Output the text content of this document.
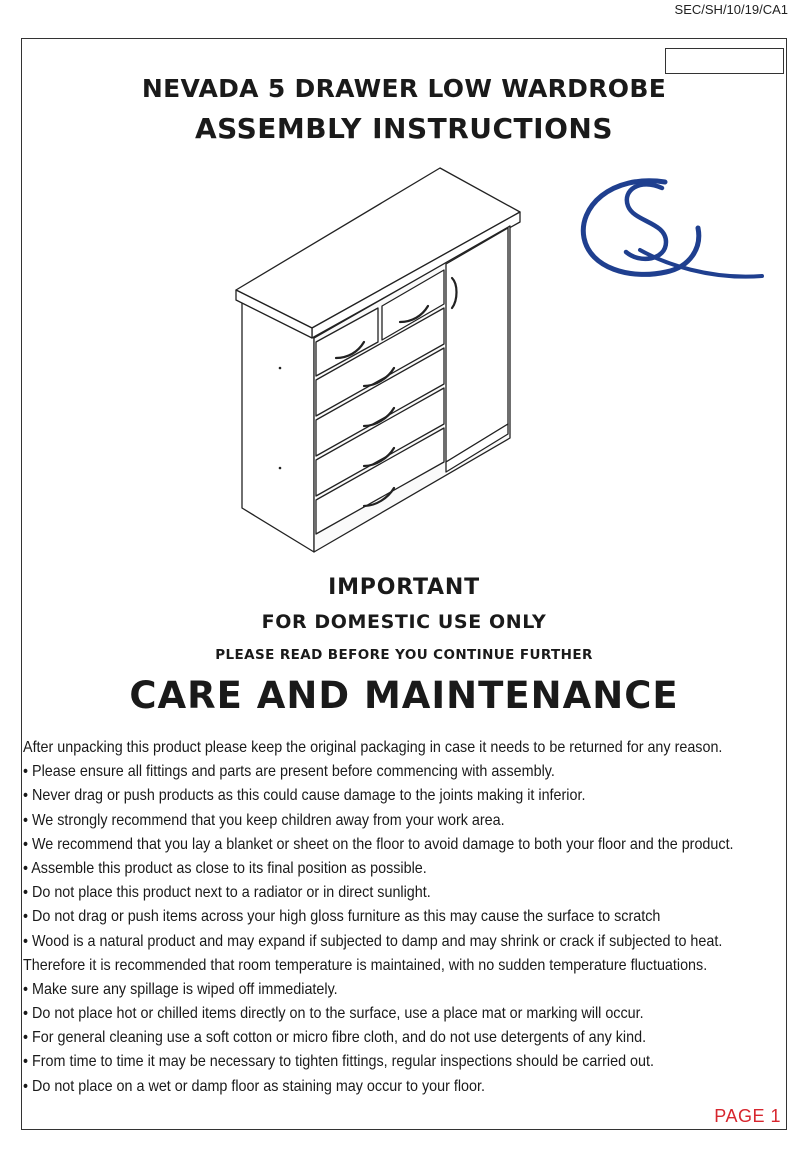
SEC/SH/10/19/CA1
NEVADA 5 DRAWER LOW WARDROBE
ASSEMBLY INSTRUCTIONS
IMPORTANT
FOR DOMESTIC USE ONLY
PLEASE READ BEFORE YOU CONTINUE FURTHER
CARE AND MAINTENANCE
After unpacking this product please keep the original packaging in case it needs to be returned for any reason.
• Please ensure all fittings and parts are present before commencing with assembly.
• Never drag or push products as this could cause damage to the joints making it inferior.
• We strongly recommend that you keep children away from your work area.
• We recommend that you lay a blanket or sheet on the floor to avoid damage to both your floor and the product.
• Assemble this product as close to its final position as possible.
• Do not place this product next to a radiator or in direct sunlight.
• Do not drag or push items across your high gloss furniture as this may cause the surface to scratch
• Wood is a natural product and may expand if subjected to damp and may shrink or crack if subjected to heat.
Therefore it is recommended that room temperature is maintained, with no sudden temperature fluctuations.
• Make sure any spillage is wiped off immediately.
• Do not place hot or chilled items directly on to the surface, use a place mat or marking will occur.
• For general cleaning use a soft cotton or micro fibre cloth, and do not use detergents of any kind.
• From time to time it may be necessary to tighten fittings, regular inspections should be carried out.
• Do not place on a wet or damp floor as staining may occur to your floor.
PAGE 1
